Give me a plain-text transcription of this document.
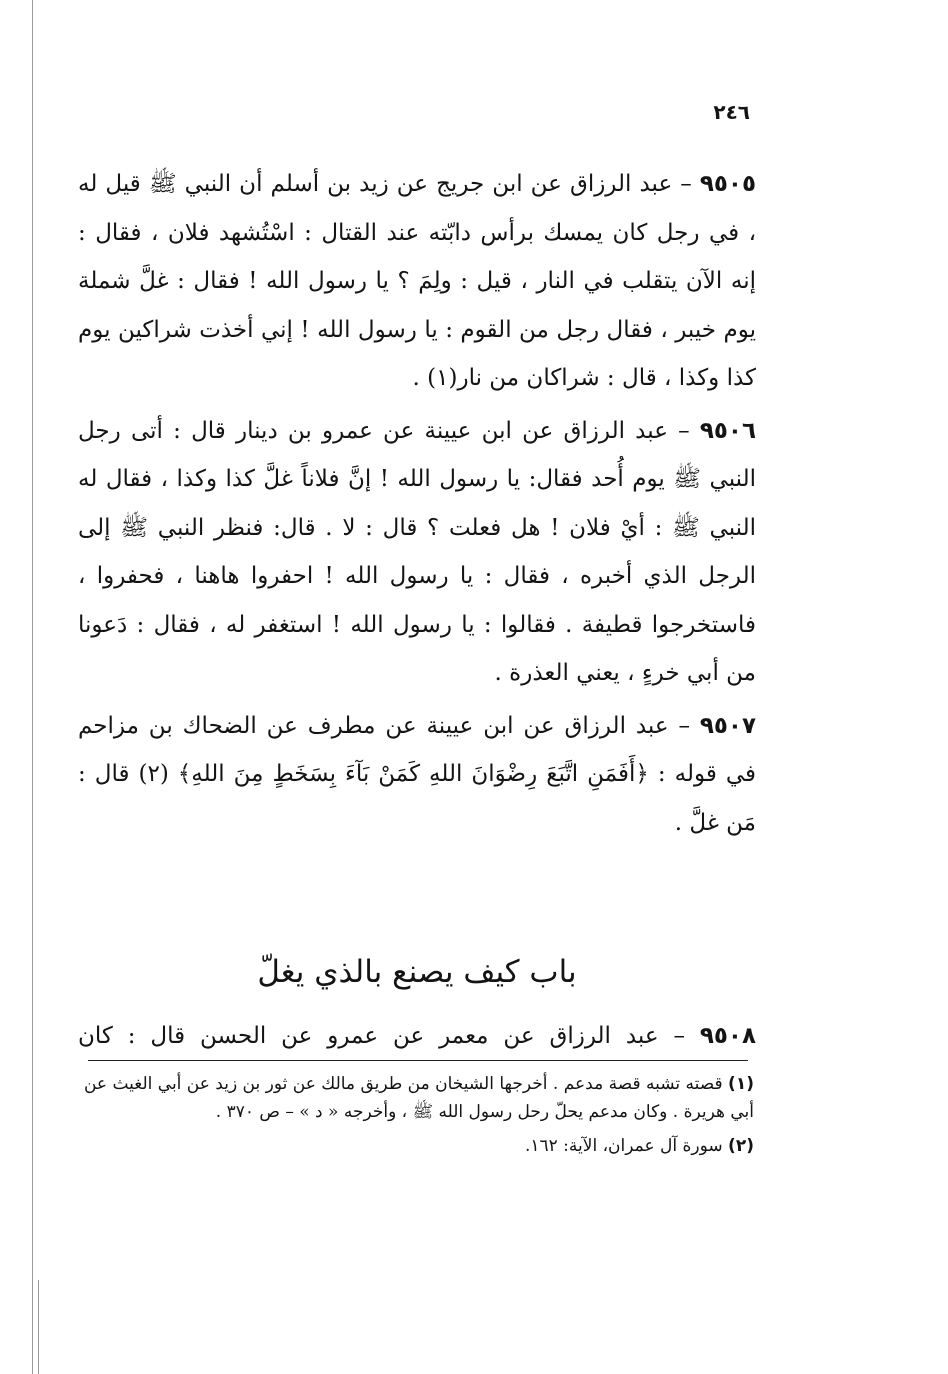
٢٤٦

٩٥٠٥ – عبد الرزاق عن ابن جريج عن زيد بن أسلم أن النبي ﷺ قيل له ، في رجل كان يمسك برأس دابّته عند القتال : اسْتُشهد فلان ، فقال : إنه الآن يتقلب في النار ، قيل : ولِمَ ؟ يا رسول الله ! فقال : غلَّ شملة يوم خيبر ، فقال رجل من القوم : يا رسول الله ! إني أخذت شراكين يوم كذا وكذا ، قال : شراكان من نار(١) .

٩٥٠٦ – عبد الرزاق عن ابن عيينة عن عمرو بن دينار قال : أتى رجل النبي ﷺ يوم أُحد فقال: يا رسول الله ! إنَّ فلاناً غلَّ كذا وكذا ، فقال له النبي ﷺ : أيْ فلان ! هل فعلت ؟ قال : لا . قال: فنظر النبي ﷺ إلى الرجل الذي أخبره ، فقال : يا رسول الله ! احفروا هاهنا ، فحفروا ، فاستخرجوا قطيفة . فقالوا : يا رسول الله ! استغفر له ، فقال : دَعونا من أبي خرءٍ ، يعني العذرة .

٩٥٠٧ – عبد الرزاق عن ابن عيينة عن مطرف عن الضحاك بن مزاحم في قوله : ﴿أَفَمَنِ اتَّبَعَ رِضْوَانَ اللهِ كَمَنْ بَآءَ بِسَخَطٍ مِنَ اللهِ﴾ (٢) قال : مَن غلَّ .

باب كيف يصنع بالذي يغلّ
٩٥٠٨ – عبد الرزاق عن معمر عن عمرو عن الحسن قال : كان

(١) قصته تشبه قصة مدعم . أخرجها الشيخان من طريق مالك عن ثور بن زيد عن أبي الغيث عن أبي هريرة . وكان مدعم يحلّ رحل رسول الله ﷺ ، وأخرجه « د » – ص ٣٧٠ .

(٢) سورة آل عمران، الآية: ١٦٢.
